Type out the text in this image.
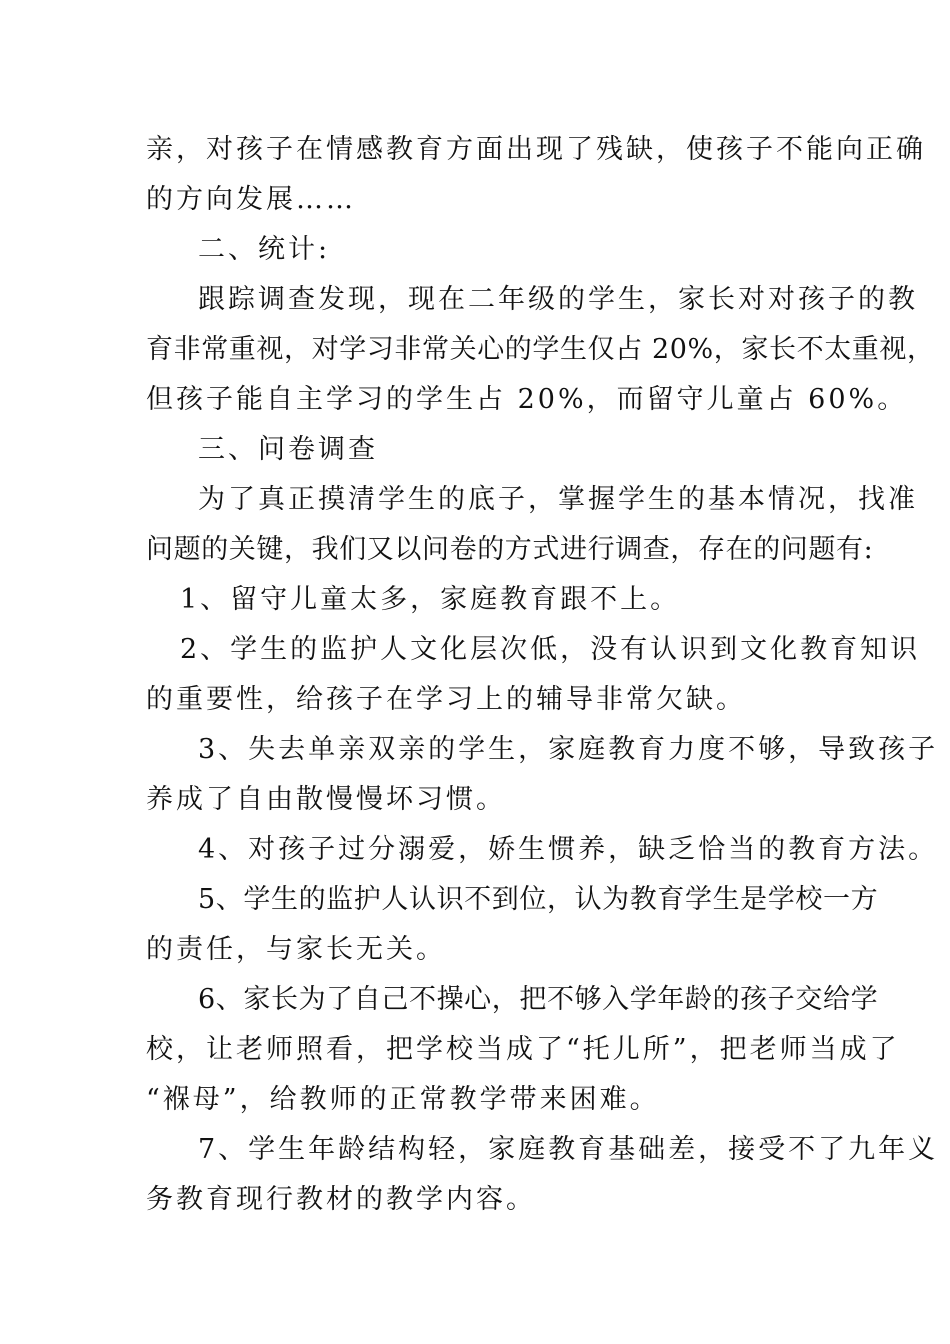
亲，对孩子在情感教育方面出现了残缺，使孩子不能向正确
的方向发展……
二、统计:
跟踪调查发现，现在二年级的学生，家长对对孩子的教
育非常重视，对学习非常关心的学生仅占 20%，家长不太重视，
但孩子能自主学习的学生占 20%，而留守儿童占 60%。
三、问卷调查
为了真正摸清学生的底子，掌握学生的基本情况，找准
问题的关键，我们又以问卷的方式进行调查，存在的问题有:
1、留守儿童太多，家庭教育跟不上。
2、学生的监护人文化层次低，没有认识到文化教育知识
的重要性，给孩子在学习上的辅导非常欠缺。
3、失去单亲双亲的学生，家庭教育力度不够，导致孩子
养成了自由散慢慢坏习惯。
4、对孩子过分溺爱，娇生惯养，缺乏恰当的教育方法。
5、学生的监护人认识不到位，认为教育学生是学校一方
的责任，与家长无关。
6、家长为了自己不操心，把不够入学年龄的孩子交给学
校，让老师照看，把学校当成了“托儿所”，把老师当成了
“褓母”，给教师的正常教学带来困难。
7、学生年龄结构轻，家庭教育基础差，接受不了九年义
务教育现行教材的教学内容。
